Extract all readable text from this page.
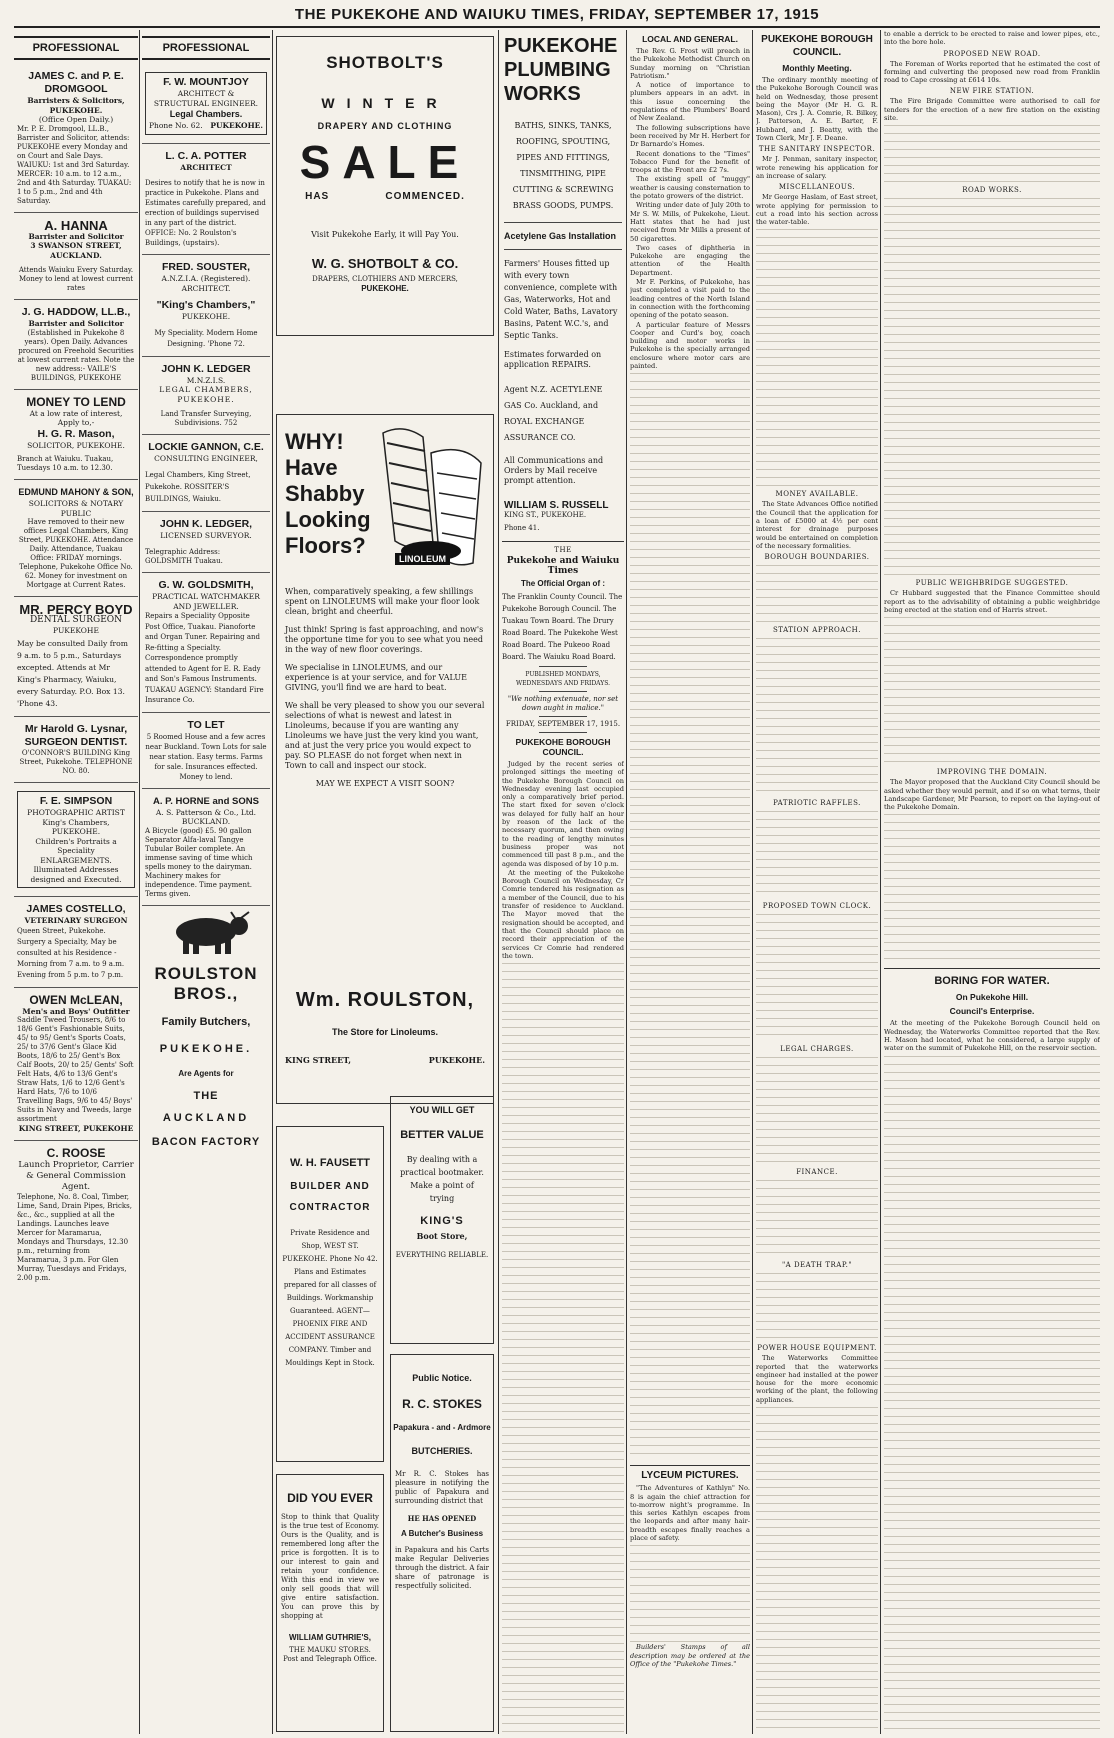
THE PUKEKOHE AND WAIUKU TIMES, FRIDAY, SEPTEMBER 17, 1915
PROFESSIONAL
JAMES C. and P. E. DROMGOOL
Barristers & Solicitors, PUKEKOHE.
(Office Open Daily.)
Mr. P. E. Dromgool, LL.B., Barrister and Solicitor, attends: PUKEKOHE every Monday and on Court and Sale Days. WAIUKU: 1st and 3rd Saturday. MERCER: 10 a.m. to 12 a.m., 2nd and 4th Saturday. TUAKAU: 1 to 5 p.m., 2nd and 4th Saturday.
A. HANNA
Barrister and Solicitor
3 SWANSON STREET, AUCKLAND.
Attends Waiuku Every Saturday. Money to lend at lowest current rates
J. G. HADDOW, LL.B.,
Barrister and Solicitor
(Established in Pukekohe 8 years). Open Daily. Advances procured on Freehold Securities at lowest current rates. Note the new address:- VAILE'S BUILDINGS, PUKEKOHE
MONEY TO LEND
At a low rate of interest,
Apply to,-
H. G. R. Mason,
SOLICITOR, PUKEKOHE.
Branch at Waiuku. Tuakau, Tuesdays 10 a.m. to 12.30.
EDMUND MAHONY & SON,
SOLICITORS & NOTARY PUBLIC
Have removed to their new offices Legal Chambers, King Street, PUKEKOHE. Attendance Daily. Attendance, Tuakau Office: FRIDAY mornings. Telephone, Pukekohe Office No. 62. Money for investment on Mortgage at Current Rates.
MR. PERCY BOYD
DENTAL SURGEON
PUKEKOHE
May be consulted Daily from 9 a.m. to 5 p.m., Saturdays excepted. Attends at Mr King's Pharmacy, Waiuku, every Saturday. P.O. Box 13. 'Phone 43.
Mr Harold G. Lysnar,
SURGEON DENTIST.
O'CONNOR'S BUILDING King Street, Pukekohe. TELEPHONE NO. 80.
F. E. SIMPSON
PHOTOGRAPHIC ARTIST King's Chambers, PUKEKOHE.
Children's Portraits a Speciality ENLARGEMENTS. Illuminated Addresses designed and Executed.
JAMES COSTELLO,
VETERINARY SURGEON
Queen Street, Pukekohe. Surgery a Specialty, May be consulted at his Residence - Morning from 7 a.m. to 9 a.m. Evening from 5 p.m. to 7 p.m.
OWEN McLEAN,
Men's and Boys' Outfitter
Saddle Tweed Trousers, 8/6 to 18/6 Gent's Fashionable Suits, 45/ to 95/ Gent's Sports Coats, 25/ to 37/6 Gent's Glace Kid Boots, 18/6 to 25/ Gent's Box Calf Boots, 20/ to 25/ Gents' Soft Felt Hats, 4/6 to 13/6 Gent's Straw Hats, 1/6 to 12/6 Gent's Hard Hats, 7/6 to 10/6 Travelling Bags, 9/6 to 45/ Boys' Suits in Navy and Tweeds, large assortment
KING STREET, PUKEKOHE
C. ROOSE
Launch Proprietor, Carrier & General Commission Agent.
Telephone, No. 8. Coal, Timber, Lime, Sand, Drain Pipes, Bricks, &c., &c., supplied at all the Landings. Launches leave Mercer for Maramarua, Mondays and Thursdays, 12.30 p.m., returning from Maramarua, 3 p.m. For Glen Murray, Tuesdays and Fridays, 2.00 p.m.
PROFESSIONAL
F. W. MOUNTJOY
ARCHITECT & STRUCTURAL ENGINEER.
Legal Chambers.
Phone No. 62. PUKEKOHE.
L. C. A. POTTER
ARCHITECT
Desires to notify that he is now in practice in Pukekohe. Plans and Estimates carefully prepared, and erection of buildings supervised in any part of the district. OFFICE: No. 2 Roulston's Buildings, (upstairs).
FRED. SOUSTER,
A.N.Z.I.A. (Registered). ARCHITECT.
"King's Chambers,"
PUKEKOHE.
My Speciality. Modern Home Designing. 'Phone 72.
JOHN K. LEDGER
M.N.Z.I.S.
LEGAL CHAMBERS, PUKEKOHE.
Land Transfer Surveying, Subdivisions. 752
LOCKIE GANNON, C.E.
CONSULTING ENGINEER,
Legal Chambers, King Street, Pukekohe. ROSSITER'S BUILDINGS, Waiuku.
JOHN K. LEDGER,
LICENSED SURVEYOR.
Telegraphic Address: GOLDSMITH Tuakau.
G. W. GOLDSMITH,
PRACTICAL WATCHMAKER AND JEWELLER.
Repairs a Speciality Opposite Post Office, Tuakau. Pianoforte and Organ Tuner. Repairing and Re-fitting a Specialty. Correspondence promptly attended to Agent for E. R. Eady and Son's Famous Instruments. TUAKAU AGENCY: Standard Fire Insurance Co.
TO LET
5 Roomed House and a few acres near Buckland. Town Lots for sale near station. Easy terms. Farms for sale. Insurances effected. Money to lend.
A. P. HORNE and SONS
A. S. Patterson & Co., Ltd. BUCKLAND.
A Bicycle (good) £5. 90 gallon Separator Alfa-laval Tangye Tubular Boiler complete. An immense saving of time which spells money to the dairyman. Machinery makes for independence. Time payment. Terms given.
ROULSTON BROS.,
Family Butchers,
PUKEKOHE.
Are Agents for
THE
AUCKLAND
BACON FACTORY
SHOTBOLT'S
WINTER
DRAPERY AND CLOTHING
SALE
HAS	COMMENCED.
Visit Pukekohe Early, it will Pay You.
W. G. SHOTBOLT & CO.
DRAPERS, CLOTHIERS AND MERCERS,
PUKEKOHE.
WHY!
Have
Shabby
Looking
Floors?
LINOLEUM

When, comparatively speaking, a few shillings spent on LINOLEUMS will make your floor look clean, bright and cheerful.

Just think! Spring is fast approaching, and now's the opportune time for you to see what you need in the way of new floor coverings.

We specialise in LINOLEUMS, and our experience is at your service, and for VALUE GIVING, you'll find we are hard to beat.

We shall be very pleased to show you our several selections of what is newest and latest in Linoleums, because if you are wanting any Linoleums we have just the very kind you want, and at just the very price you would expect to pay. SO PLEASE do not forget when next in Town to call and inspect our stock.

MAY WE EXPECT A VISIT SOON?

Wm. ROULSTON,
The Store for Linoleums.
KING STREET,	PUKEKOHE.
W. H. FAUSETT
BUILDER AND
CONTRACTOR
Private Residence and Shop, WEST ST. PUKEKOHE. Phone No 42. Plans and Estimates prepared for all classes of Buildings. Workmanship Guaranteed. AGENT—PHOENIX FIRE AND ACCIDENT ASSURANCE COMPANY. Timber and Mouldings Kept in Stock.
DID YOU EVER
Stop to think that Quality is the true test of Economy. Ours is the Quality, and is remembered long after the price is forgotten. It is to our interest to gain and retain your confidence. With this end in view we only sell goods that will give entire satisfaction. You can prove this by shopping at
WILLIAM GUTHRIE'S,
THE MAUKU STORES.
Post and Telegraph Office.
YOU WILL GET
BETTER VALUE
By dealing with a practical bootmaker. Make a point of trying
KING'S
Boot Store,
EVERYTHING RELIABLE.
Public Notice.
R. C. STOKES
Papakura - and - Ardmore
BUTCHERIES.
Mr R. C. Stokes has pleasure in notifying the public of Papakura and surrounding district that
HE HAS OPENED
A Butcher's Business
in Papakura and his Carts make Regular Deliveries through the district. A fair share of patronage is respectfully solicited.
PUKEKOHE
PLUMBING
WORKS
BATHS, SINKS, TANKS, ROOFING, SPOUTING, PIPES AND FITTINGS, TINSMITHING, PIPE CUTTING & SCREWING BRASS GOODS, PUMPS.
Acetylene Gas Installation
Farmers' Houses fitted up with every town convenience, complete with Gas, Waterworks, Hot and Cold Water, Baths, Lavatory Basins, Patent W.C.'s, and Septic Tanks.
Estimates forwarded on application REPAIRS.
Agent N.Z. ACETYLENE GAS Co. Auckland, and ROYAL EXCHANGE ASSURANCE CO.
All Communications and Orders by Mail receive prompt attention.
WILLIAM S. RUSSELL
KING ST., PUKEKOHE.
Phone 41.
THE
Pukekohe and Waiuku Times
The Official Organ of :
The Franklin County Council. The Pukekohe Borough Council. The Tuakau Town Board. The Drury Road Board. The Pukekohe West Road Board. The Pukeoo Road Board. The Waiuku Road Board.
PUBLISHED MONDAYS, WEDNESDAYS AND FRIDAYS.
"We nothing extenuate, nor set down aught in malice."
FRIDAY, SEPTEMBER 17, 1915.
PUKEKOHE BOROUGH COUNCIL.

Judged by the recent series of prolonged sittings the meeting of the Pukekohe Borough Council on Wednesday evening last occupied only a comparatively brief period. The start fixed for seven o'clock was delayed for fully half an hour by reason of the lack of the necessary quorum, and then owing to the reading of lengthy minutes business proper was not commenced till past 8 p.m., and the agenda was disposed of by 10 p.m.

At the meeting of the Pukekohe Borough Council on Wednesday, Cr Comrie tendered his resignation as a member of the Council, due to his transfer of residence to Auckland. The Mayor moved that the resignation should be accepted, and that the Council should place on record their appreciation of the services Cr Comrie had rendered the town.

LOCAL AND GENERAL.

The Rev. G. Frost will preach in the Pukekohe Methodist Church on Sunday morning on "Christian Patriotism."

A notice of importance to plumbers appears in an advt. in this issue concerning the regulations of the Plumbers' Board of New Zealand.

The following subscriptions have been received by Mr H. Herbert for Dr Barnardo's Homes.

Recent donations to the "Times" Tobacco Fund for the benefit of troops at the Front are £2 7s.

The existing spell of "muggy" weather is causing consternation to the potato growers of the district.

Writing under date of July 20th to Mr S. W. Mills, of Pukekohe, Lieut. Hatt states that he had just received from Mr Mills a present of 50 cigarettes.

Two cases of diphtheria in Pukekohe are engaging the attention of the Health Department.

Mr F. Perkins, of Pukekohe, has just completed a visit paid to the leading centres of the North Island in connection with the forthcoming opening of the potato season.

A particular feature of Messrs Cooper and Curd's boy, coach building and motor works in Pukekohe is the specially arranged enclosure where motor cars are painted.

LYCEUM PICTURES.

"The Adventures of Kathlyn" No. 8 is again the chief attraction for to-morrow night's programme. In this series Kathlyn escapes from the leopards and after many hair-breadth escapes finally reaches a place of safety.

Builders' Stamps of all description may be ordered at the Office of the "Pukekohe Times."

PUKEKOHE BOROUGH COUNCIL.
Monthly Meeting.

The ordinary monthly meeting of the Pukekohe Borough Council was held on Wednesday, those present being the Mayor (Mr H. G. R. Mason), Crs J. A. Comrie, R. Bilkey, J. Patterson, A. E. Barter, F. Hubbard, and J. Beatty, with the Town Clerk, Mr J. F. Deane.

THE SANITARY INSPECTOR.

Mr J. Penman, sanitary inspector, wrote renewing his application for an increase of salary.

MISCELLANEOUS.

Mr George Haslam, of East street, wrote applying for permission to cut a road into his section across the water-table.

MONEY AVAILABLE.

The State Advances Office notified the Council that the application for a loan of £5000 at 4½ per cent interest for drainage purposes would be entertained on completion of the necessary formalities.

BOROUGH BOUNDARIES.
STATION APPROACH.
PATRIOTIC RAFFLES.
PROPOSED TOWN CLOCK.
LEGAL CHARGES.
FINANCE.
"A DEATH TRAP."
POWER HOUSE EQUIPMENT.

The Waterworks Committee reported that the waterworks engineer had installed at the power house for the more economic working of the plant, the following appliances.

to enable a derrick to be erected to raise and lower pipes, etc., into the bore hole.

PROPOSED NEW ROAD.

The Foreman of Works reported that he estimated the cost of forming and culverting the proposed new road from Franklin road to Cape crossing at £614 10s.

NEW FIRE STATION.

The Fire Brigade Committee were authorised to call for tenders for the erection of a new fire station on the existing site.

ROAD WORKS.
PUBLIC WEIGHBRIDGE SUGGESTED.

Cr Hubbard suggested that the Finance Committee should report as to the advisability of obtaining a public weighbridge being erected at the station end of Harris street.

IMPROVING THE DOMAIN.

The Mayor proposed that the Auckland City Council should be asked whether they would permit, and if so on what terms, their Landscape Gardener, Mr Pearson, to report on the laying-out of the Pukekohe Domain.

BORING FOR WATER.
On Pukekohe Hill.
Council's Enterprise.

At the meeting of the Pukekohe Borough Council held on Wednesday, the Waterworks Committee reported that the Rev. H. Mason had located, what he considered, a large supply of water on the summit of Pukekohe Hill, on the reservoir section.
